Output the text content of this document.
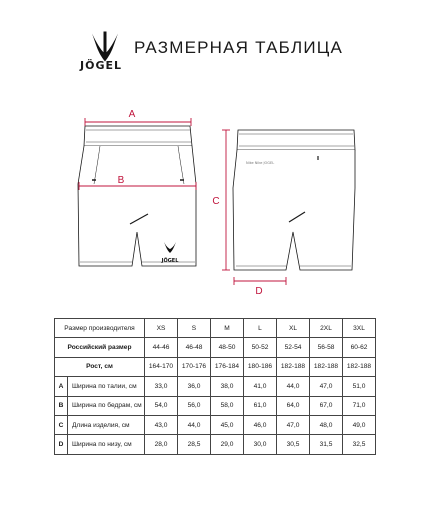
JÖGEL
РАЗМЕРНАЯ ТАБЛИЦА
JÖGEL
A
B
Nike Nike JOGEL
C
D
Размер производителя		XS	S	M	L	XL	2XL	3XL
Российский размер		44-46	46-48	48-50	50-52	52-54	56-58	60-62
Рост, см		164-170	170-176	176-184	180-186	182-188	182-188	182-188
A	Ширина по талии, см	33,0	36,0	38,0	41,0	44,0	47,0	51,0
B	Ширина по бедрам, см	54,0	56,0	58,0	61,0	64,0	67,0	71,0
C	Длина изделия, см	43,0	44,0	45,0	46,0	47,0	48,0	49,0
D	Ширина по низу, см	28,0	28,5	29,0	30,0	30,5	31,5	32,5
